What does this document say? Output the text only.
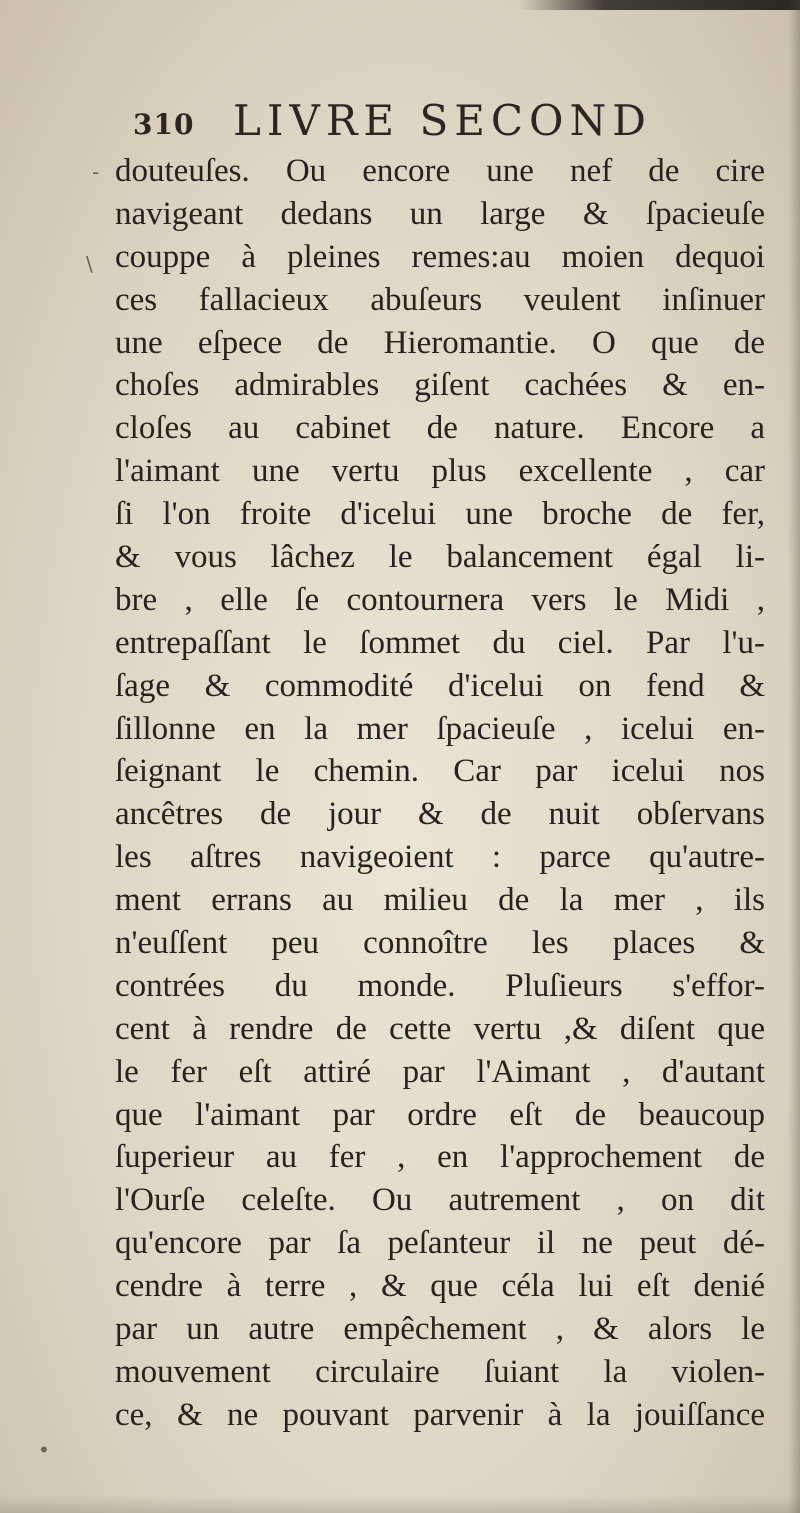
310 LIVRE SECOND
-
\
•
douteuſes. Ou encore une nef de cire
navigeant dedans un large & ſpacieuſe
couppe à pleines remes:au moien dequoi
ces fallacieux abuſeurs veulent inſinuer
une eſpece de Hieromantie. O que de
choſes admirables giſent cachées & en-
cloſes au cabinet de nature. Encore a
l'aimant une vertu plus excellente , car
ſi l'on froite d'icelui une broche de fer,
& vous lâchez le balancement égal li-
bre , elle ſe contournera vers le Midi ,
entrepaſſant le ſommet du ciel. Par l'u-
ſage & commodité d'icelui on fend &
ſillonne en la mer ſpacieuſe , icelui en-
ſeignant le chemin. Car par icelui nos
ancêtres de jour & de nuit obſervans
les aſtres navigeoient : parce qu'autre-
ment errans au milieu de la mer , ils
n'euſſent peu connoître les places &
contrées du monde. Pluſieurs s'effor-
cent à rendre de cette vertu ,& diſent que
le fer eſt attiré par l'Aimant , d'autant
que l'aimant par ordre eſt de beaucoup
ſuperieur au fer , en l'approchement de
l'Ourſe celeſte. Ou autrement , on dit
qu'encore par ſa peſanteur il ne peut dé-
cendre à terre , & que céla lui eſt denié
par un autre empêchement , & alors le
mouvement circulaire ſuiant la violen-
ce, & ne pouvant parvenir à la jouiſſance
